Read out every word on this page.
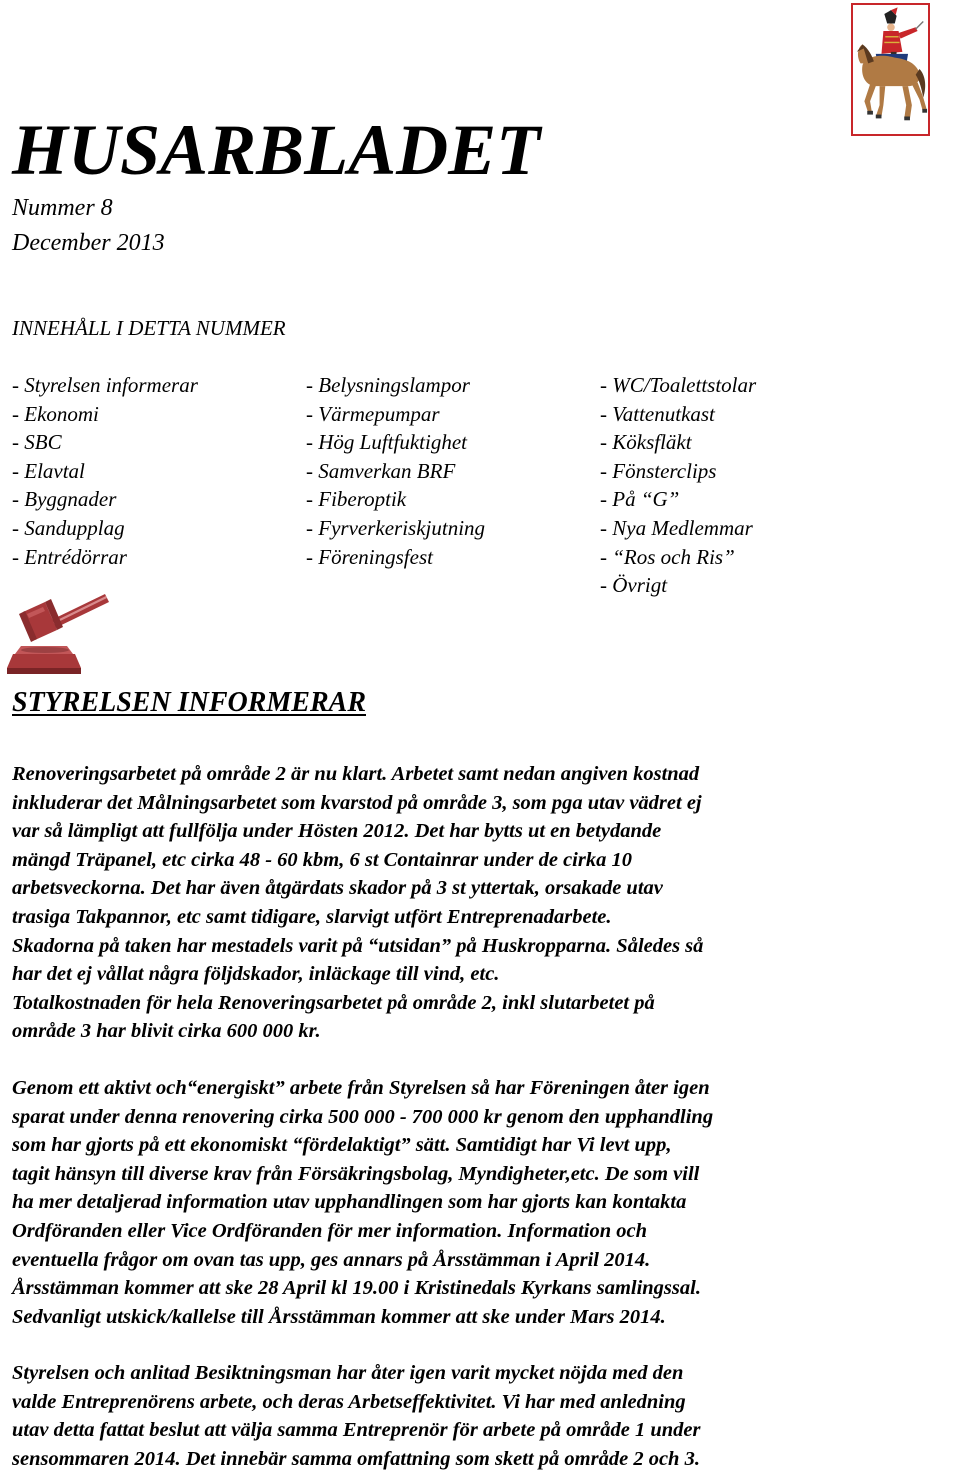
HUSARBLADET
Nummer 8
December 2013
INNEHÅLL I DETTA NUMMER
- Styrelsen informerar
- Ekonomi
- SBC
- Elavtal
- Byggnader
- Sandupplag
- Entrédörrar
- Belysningslampor
- Värmepumpar
- Hög Luftfuktighet
- Samverkan BRF
- Fiberoptik
- Fyrverkeriskjutning
- Föreningsfest
- WC/Toalettstolar
- Vattenutkast
- Köksfläkt
- Fönsterclips
- På “G”
- Nya Medlemmar
- “Ros och Ris”
- Övrigt
STYRELSEN INFORMERAR
Renoveringsarbetet på område 2 är nu klart. Arbetet samt nedan angiven kostnad
inkluderar det Målningsarbetet som kvarstod på område 3, som pga utav vädret ej
var så lämpligt att fullfölja under Hösten 2012. Det har bytts ut en betydande
mängd Träpanel, etc cirka 48 - 60 kbm, 6 st Containrar under de cirka 10
arbetsveckorna. Det har även åtgärdats skador på 3 st yttertak, orsakade utav
trasiga Takpannor, etc samt tidigare, slarvigt utfört Entreprenadarbete.
Skadorna på taken har mestadels varit på “utsidan” på Huskropparna. Således så
har det ej vållat några följdskador, inläckage till vind, etc.
Totalkostnaden för hela Renoveringsarbetet på område 2, inkl slutarbetet på
område 3 har blivit cirka 600 000 kr.
Genom ett aktivt och“energiskt” arbete från Styrelsen så har Föreningen åter igen
sparat under denna renovering cirka 500 000 - 700 000 kr genom den upphandling
som har gjorts på ett ekonomiskt “fördelaktigt” sätt. Samtidigt har Vi levt upp,
tagit hänsyn till diverse krav från Försäkringsbolag, Myndigheter,etc. De som vill
ha mer detaljerad information utav upphandlingen som har gjorts kan kontakta
Ordföranden eller Vice Ordföranden för mer information. Information och
eventuella frågor om ovan tas upp, ges annars på Årsstämman i April 2014.
Årsstämman kommer att ske 28 April kl 19.00 i Kristinedals Kyrkans samlingssal.
Sedvanligt utskick/kallelse till Årsstämman kommer att ske under Mars 2014.
Styrelsen och anlitad Besiktningsman har åter igen varit mycket nöjda med den
valde Entreprenörens arbete, och deras Arbetseffektivitet. Vi har med anledning
utav detta fattat beslut att välja samma Entreprenör för arbete på område 1 under
sensommaren 2014. Det innebär samma omfattning som skett på område 2 och 3.
